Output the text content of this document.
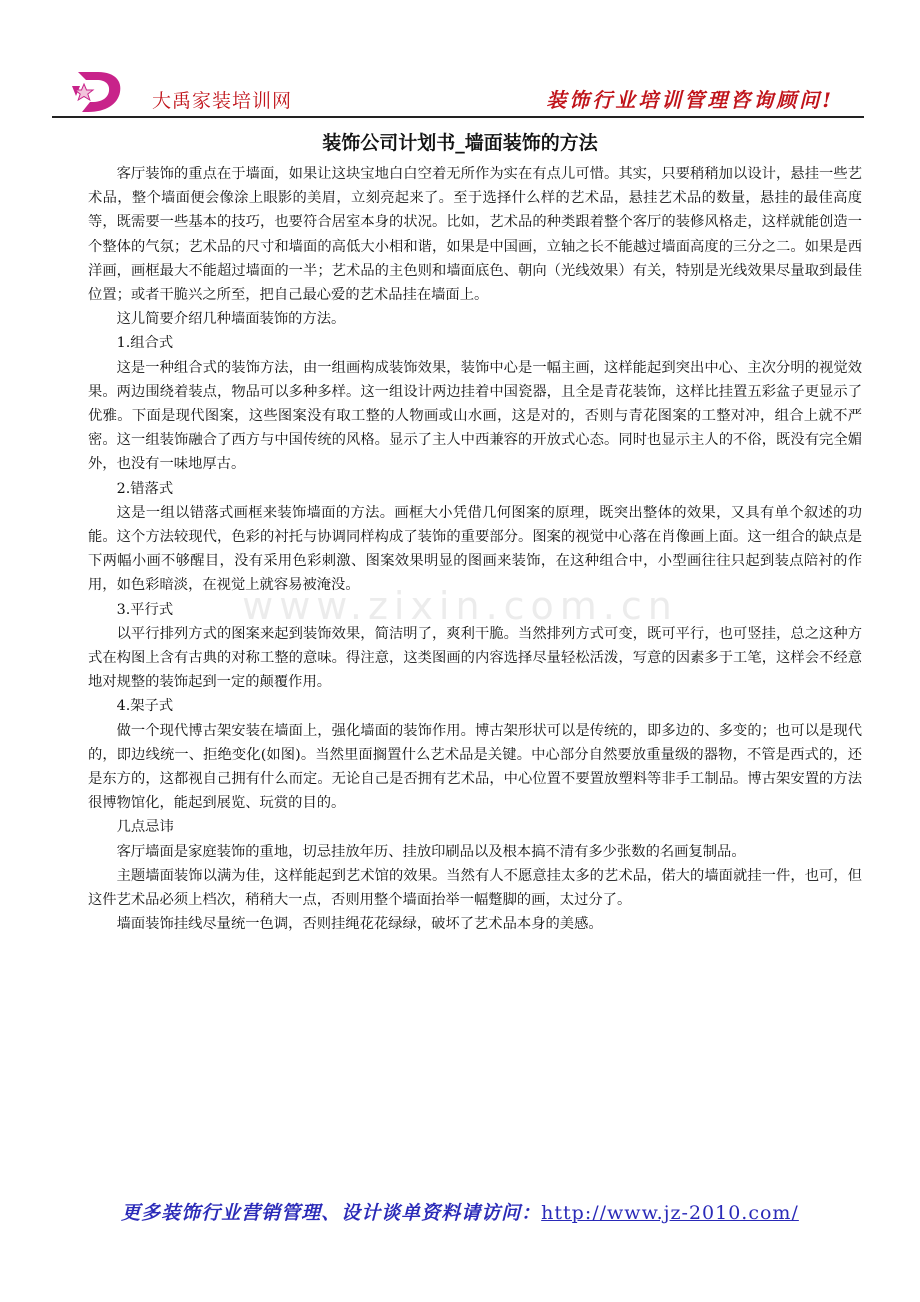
大禹家装培训网	装饰行业培训管理咨询顾问!
装饰公司计划书_墙面装饰的方法
www.zixin.com.cn

客厅装饰的重点在于墙面，如果让这块宝地白白空着无所作为实在有点儿可惜。其实，只要稍稍加以设计，悬挂一些艺术品，整个墙面便会像涂上眼影的美眉，立刻亮起来了。至于选择什么样的艺术品，悬挂艺术品的数量，悬挂的最佳高度等，既需要一些基本的技巧，也要符合居室本身的状况。比如，艺术品的种类跟着整个客厅的装修风格走，这样就能创造一个整体的气氛；艺术品的尺寸和墙面的高低大小相和谐，如果是中国画，立轴之长不能越过墙面高度的三分之二。如果是西洋画，画框最大不能超过墙面的一半；艺术品的主色则和墙面底色、朝向（光线效果）有关，特别是光线效果尽量取到最佳位置；或者干脆兴之所至，把自己最心爱的艺术品挂在墙面上。

这儿简要介绍几种墙面装饰的方法。

1.组合式

这是一种组合式的装饰方法，由一组画构成装饰效果，装饰中心是一幅主画，这样能起到突出中心、主次分明的视觉效果。两边围绕着装点，物品可以多种多样。这一组设计两边挂着中国瓷器，且全是青花装饰，这样比挂置五彩盆子更显示了优雅。下面是现代图案，这些图案没有取工整的人物画或山水画，这是对的，否则与青花图案的工整对冲，组合上就不严密。这一组装饰融合了西方与中国传统的风格。显示了主人中西兼容的开放式心态。同时也显示主人的不俗，既没有完全媚外，也没有一味地厚古。

2.错落式

这是一组以错落式画框来装饰墙面的方法。画框大小凭借几何图案的原理，既突出整体的效果，又具有单个叙述的功能。这个方法较现代，色彩的衬托与协调同样构成了装饰的重要部分。图案的视觉中心落在肖像画上面。这一组合的缺点是下两幅小画不够醒目，没有采用色彩刺激、图案效果明显的图画来装饰，在这种组合中，小型画往往只起到装点陪衬的作用，如色彩暗淡，在视觉上就容易被淹没。

3.平行式

以平行排列方式的图案来起到装饰效果，简洁明了，爽利干脆。当然排列方式可变，既可平行，也可竖挂，总之这种方式在构图上含有古典的对称工整的意味。得注意，这类图画的内容选择尽量轻松活泼，写意的因素多于工笔，这样会不经意地对规整的装饰起到一定的颠覆作用。

4.架子式

做一个现代博古架安装在墙面上，强化墙面的装饰作用。博古架形状可以是传统的，即多边的、多变的；也可以是现代的，即边线统一、拒绝变化(如图)。当然里面搁置什么艺术品是关键。中心部分自然要放重量级的器物，不管是西式的，还是东方的，这都视自己拥有什么而定。无论自己是否拥有艺术品，中心位置不要置放塑料等非手工制品。博古架安置的方法很博物馆化，能起到展览、玩赏的目的。

几点忌讳

客厅墙面是家庭装饰的重地，切忌挂放年历、挂放印刷品以及根本搞不清有多少张数的名画复制品。

主题墙面装饰以满为佳，这样能起到艺术馆的效果。当然有人不愿意挂太多的艺术品，偌大的墙面就挂一件，也可，但这件艺术品必须上档次，稍稍大一点，否则用整个墙面抬举一幅蹩脚的画，太过分了。

墙面装饰挂线尽量统一色调，否则挂绳花花绿绿，破坏了艺术品本身的美感。

更多装饰行业营销管理、设计谈单资料请访问：http://www.jz-2010.com/
